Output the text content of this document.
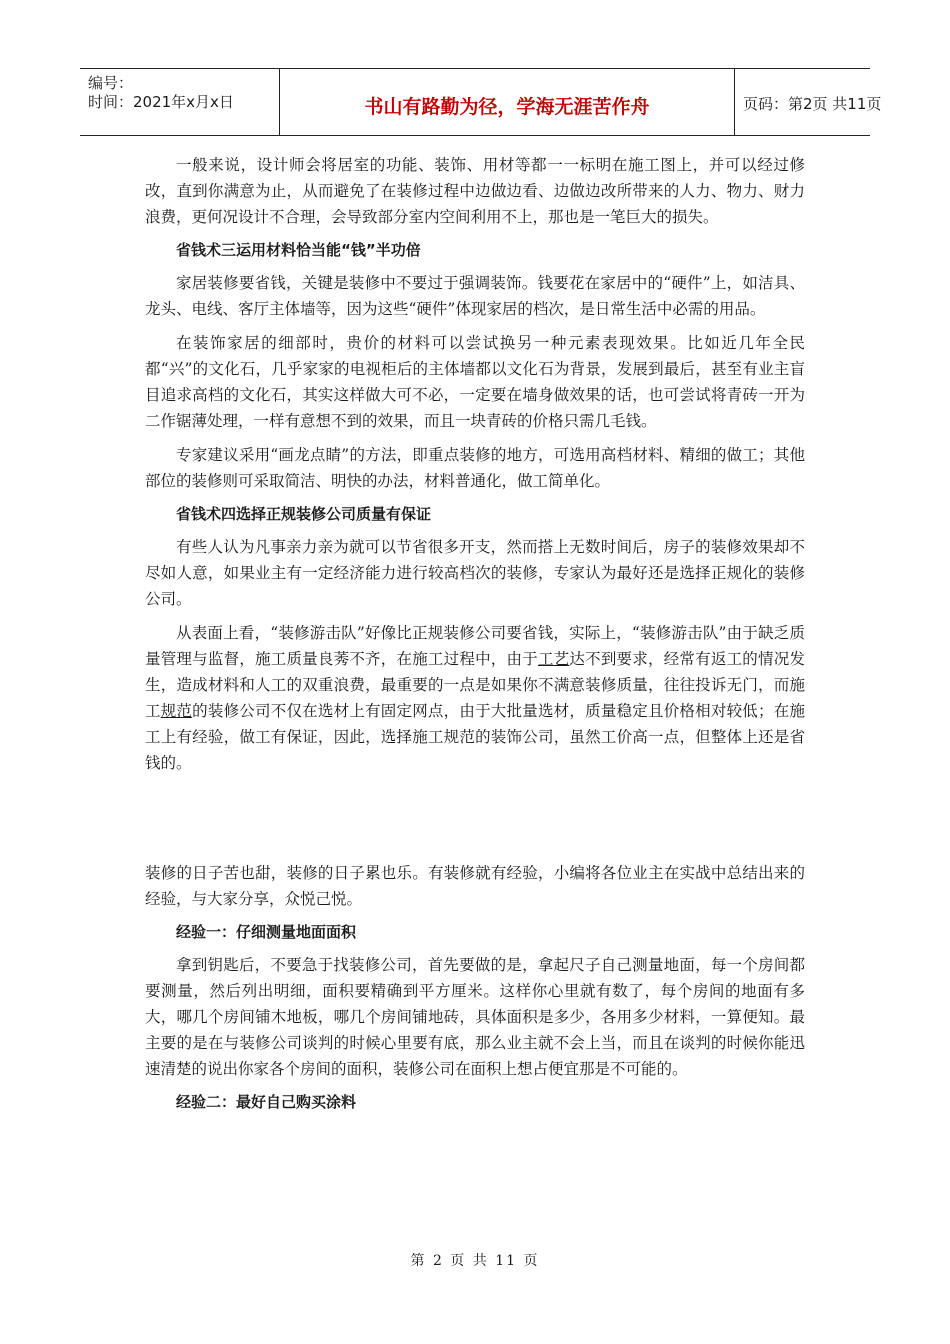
编号：
时间：2021年x月x日	书山有路勤为径，学海无涯苦作舟	页码：第2页 共11页

一般来说，设计师会将居室的功能、装饰、用材等都一一标明在施工图上，并可以经过修改，直到你满意为止，从而避免了在装修过程中边做边看、边做边改所带来的人力、物力、财力浪费，更何况设计不合理，会导致部分室内空间利用不上，那也是一笔巨大的损失。

省钱术三运用材料恰当能“钱”半功倍

家居装修要省钱，关键是装修中不要过于强调装饰。钱要花在家居中的“硬件”上，如洁具、龙头、电线、客厅主体墙等，因为这些“硬件”体现家居的档次，是日常生活中必需的用品。

在装饰家居的细部时，贵价的材料可以尝试换另一种元素表现效果。比如近几年全民都“兴”的文化石，几乎家家的电视柜后的主体墙都以文化石为背景，发展到最后，甚至有业主盲目追求高档的文化石，其实这样做大可不必，一定要在墙身做效果的话，也可尝试将青砖一开为二作锯薄处理，一样有意想不到的效果，而且一块青砖的价格只需几毛钱。

专家建议采用“画龙点睛”的方法，即重点装修的地方，可选用高档材料、精细的做工；其他部位的装修则可采取简洁、明快的办法，材料普通化，做工简单化。

省钱术四选择正规装修公司质量有保证

有些人认为凡事亲力亲为就可以节省很多开支，然而搭上无数时间后，房子的装修效果却不尽如人意，如果业主有一定经济能力进行较高档次的装修，专家认为最好还是选择正规化的装修公司。

从表面上看，“装修游击队”好像比正规装修公司要省钱，实际上，“装修游击队”由于缺乏质量管理与监督，施工质量良莠不齐，在施工过程中，由于工艺达不到要求，经常有返工的情况发生，造成材料和人工的双重浪费，最重要的一点是如果你不满意装修质量，往往投诉无门，而施工规范的装修公司不仅在选材上有固定网点，由于大批量选材，质量稳定且价格相对较低；在施工上有经验，做工有保证，因此，选择施工规范的装饰公司，虽然工价高一点，但整体上还是省钱的。

装修的日子苦也甜，装修的日子累也乐。有装修就有经验，小编将各位业主在实战中总结出来的经验，与大家分享，众悦己悦。

经验一：仔细测量地面面积

拿到钥匙后，不要急于找装修公司，首先要做的是，拿起尺子自己测量地面，每一个房间都要测量，然后列出明细，面积要精确到平方厘米。这样你心里就有数了，每个房间的地面有多大，哪几个房间铺木地板，哪几个房间铺地砖，具体面积是多少，各用多少材料，一算便知。最主要的是在与装修公司谈判的时候心里要有底，那么业主就不会上当，而且在谈判的时候你能迅速清楚的说出你家各个房间的面积，装修公司在面积上想占便宜那是不可能的。

经验二：最好自己购买涂料

第 2 页 共 11 页
